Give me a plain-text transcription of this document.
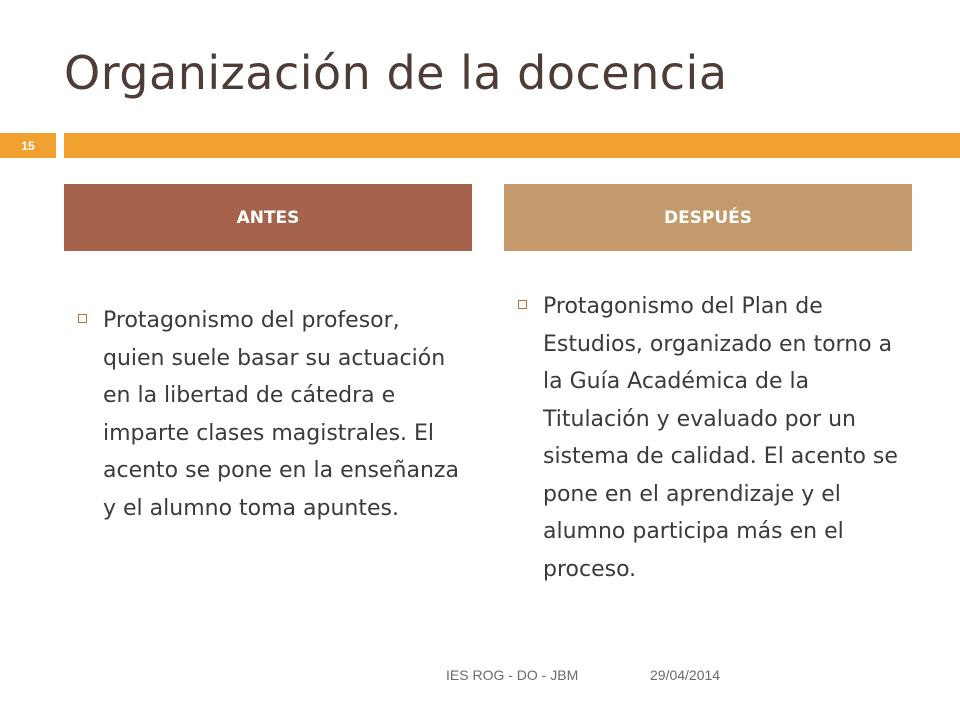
Organización de la docencia
15
ANTES	DESPUÉS
Protagonismo del profesor, quien suele basar su actuación en la libertad de cátedra e imparte clases magistrales. El acento se pone en la enseñanza y el alumno toma apuntes.
Protagonismo del Plan de Estudios, organizado en torno a la Guía Académica de la Titulación y evaluado por un sistema de calidad. El acento se pone en el aprendizaje y el alumno participa más en el proceso.
IES ROG - DO - JBM	29/04/2014
